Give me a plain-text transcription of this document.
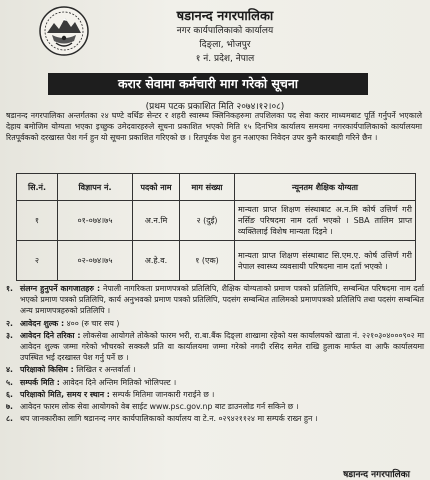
षडानन्द नगरपालिका
नगर कार्यपालिकाको कार्यालय
दिङ्ला, भोजपुर
१ नं. प्रदेश, नेपाल
करार सेवामा कर्मचारी माग गरेको सूचना
(प्रथम पटक प्रकाशित मिति २०७४।१२।०८)
षडानन्द नगरपालिका अन्तर्गतका २४ घण्टे वर्थिङ सेन्टर र शहरी स्वास्थ्य क्लिनिकहरुमा तपशिलका पद सेवा करार माध्यमबाट पूर्ति गर्नुपर्ने भएकाले देहाय बमोजिम योग्यता भएका इच्छुक उमेदवारहरुले सूचना प्रकाशित भएको मिति १५ दिनभित्र कार्यालय समयमा नगरकार्यपालिकाको कार्यालयमा रितपूर्वकको दरखास्त पेश गर्न हुन यो सूचना प्रकाशित गरिएको छ । रितपूर्वक पेश हुन नआएका निवेदन उपर कुनै कारबाही गरिने छैन ।
सि.नं.	विज्ञापन नं.	पदको नाम	माग संख्या	न्यूनतम शैक्षिक योग्यता
१	०१-०७४।७५	अ.न.मि	२ (दुई)	मान्यता प्राप्त शिक्षण संस्थाबाट अ.न.मि कोर्ष उत्तिर्ण गरी नर्सिङ परिषदमा नाम दर्ता भएको । SBA तालिम प्राप्त व्यक्तिलाई विशेष मान्यता दिइने ।
२	०२-०७४।७५	अ.हे.व.	१ (एक)	मान्यता प्राप्त शिक्षण संस्थाबाट सि.एम.ए. कोर्ष उत्तिर्ण गरी नेपाल स्वास्थ्य व्यवसायी परिषदमा नाम दर्ता भएको ।
१. संलग्न हुनुपर्ने कागजातहरु : नेपाली नागरिकता प्रमाणपत्रको प्रतिलिपि, शैक्षिक योग्यताको प्रमाण पत्रको प्रतिलिपि, सम्बन्धित परिषदमा नाम दर्ता भएको प्रमाण पत्रको प्रतिलिपि, कार्य अनुभवको प्रमाण पत्रको प्रतिलिपि, पदसंग सम्बन्धित तालिमको प्रमाणपत्रको प्रतिलिपि तथा पदसंग सम्बन्धित अन्य प्रमाणपत्रहरुको प्रतिलिपि ।
२. आवेदन शुल्क : ४०० (रु चार सय )
३. आवेदन दिने तरिका : लोकसेवा आयोगले तोकेको फारम भरी, रा.बा.बैंक दिङ्ला शाखामा रहेको यस कार्यालयको खाता नं. २२१०३०४०००९०२ मा आवेदन शुल्क जम्मा गरेको भौचरको सक्कलै प्रति वा कार्यालयमा जम्मा गरेको नगदी रसिद समेत राखि हुलाक मार्फत वा आफै कार्यालयमा उपस्थित भई दरखास्त पेश गर्नु पर्ने छ ।
४. परिक्षाको किसिम : लिखित र अन्तर्वार्ता ।
५. सम्पर्क मिति : आवेदन दिने अन्तिम मितिको भोलिपल्ट ।
६. परिक्षाको मिति, समय र स्थान : सम्पर्क मितिमा जानकारी गराईने छ ।
७. आवेदन फारम लोक सेवा आयोगको वेब साईट www.psc.gov.np बाट डाउनलोड गर्न सकिने छ ।
८. थप जानकारीका लागि षडानन्द नगर कार्यपालिकाको कार्यालय वा टे.न. ०२९४२११२४ मा सम्पर्क राख्न हुन ।
षडानन्द नगरपालिका
